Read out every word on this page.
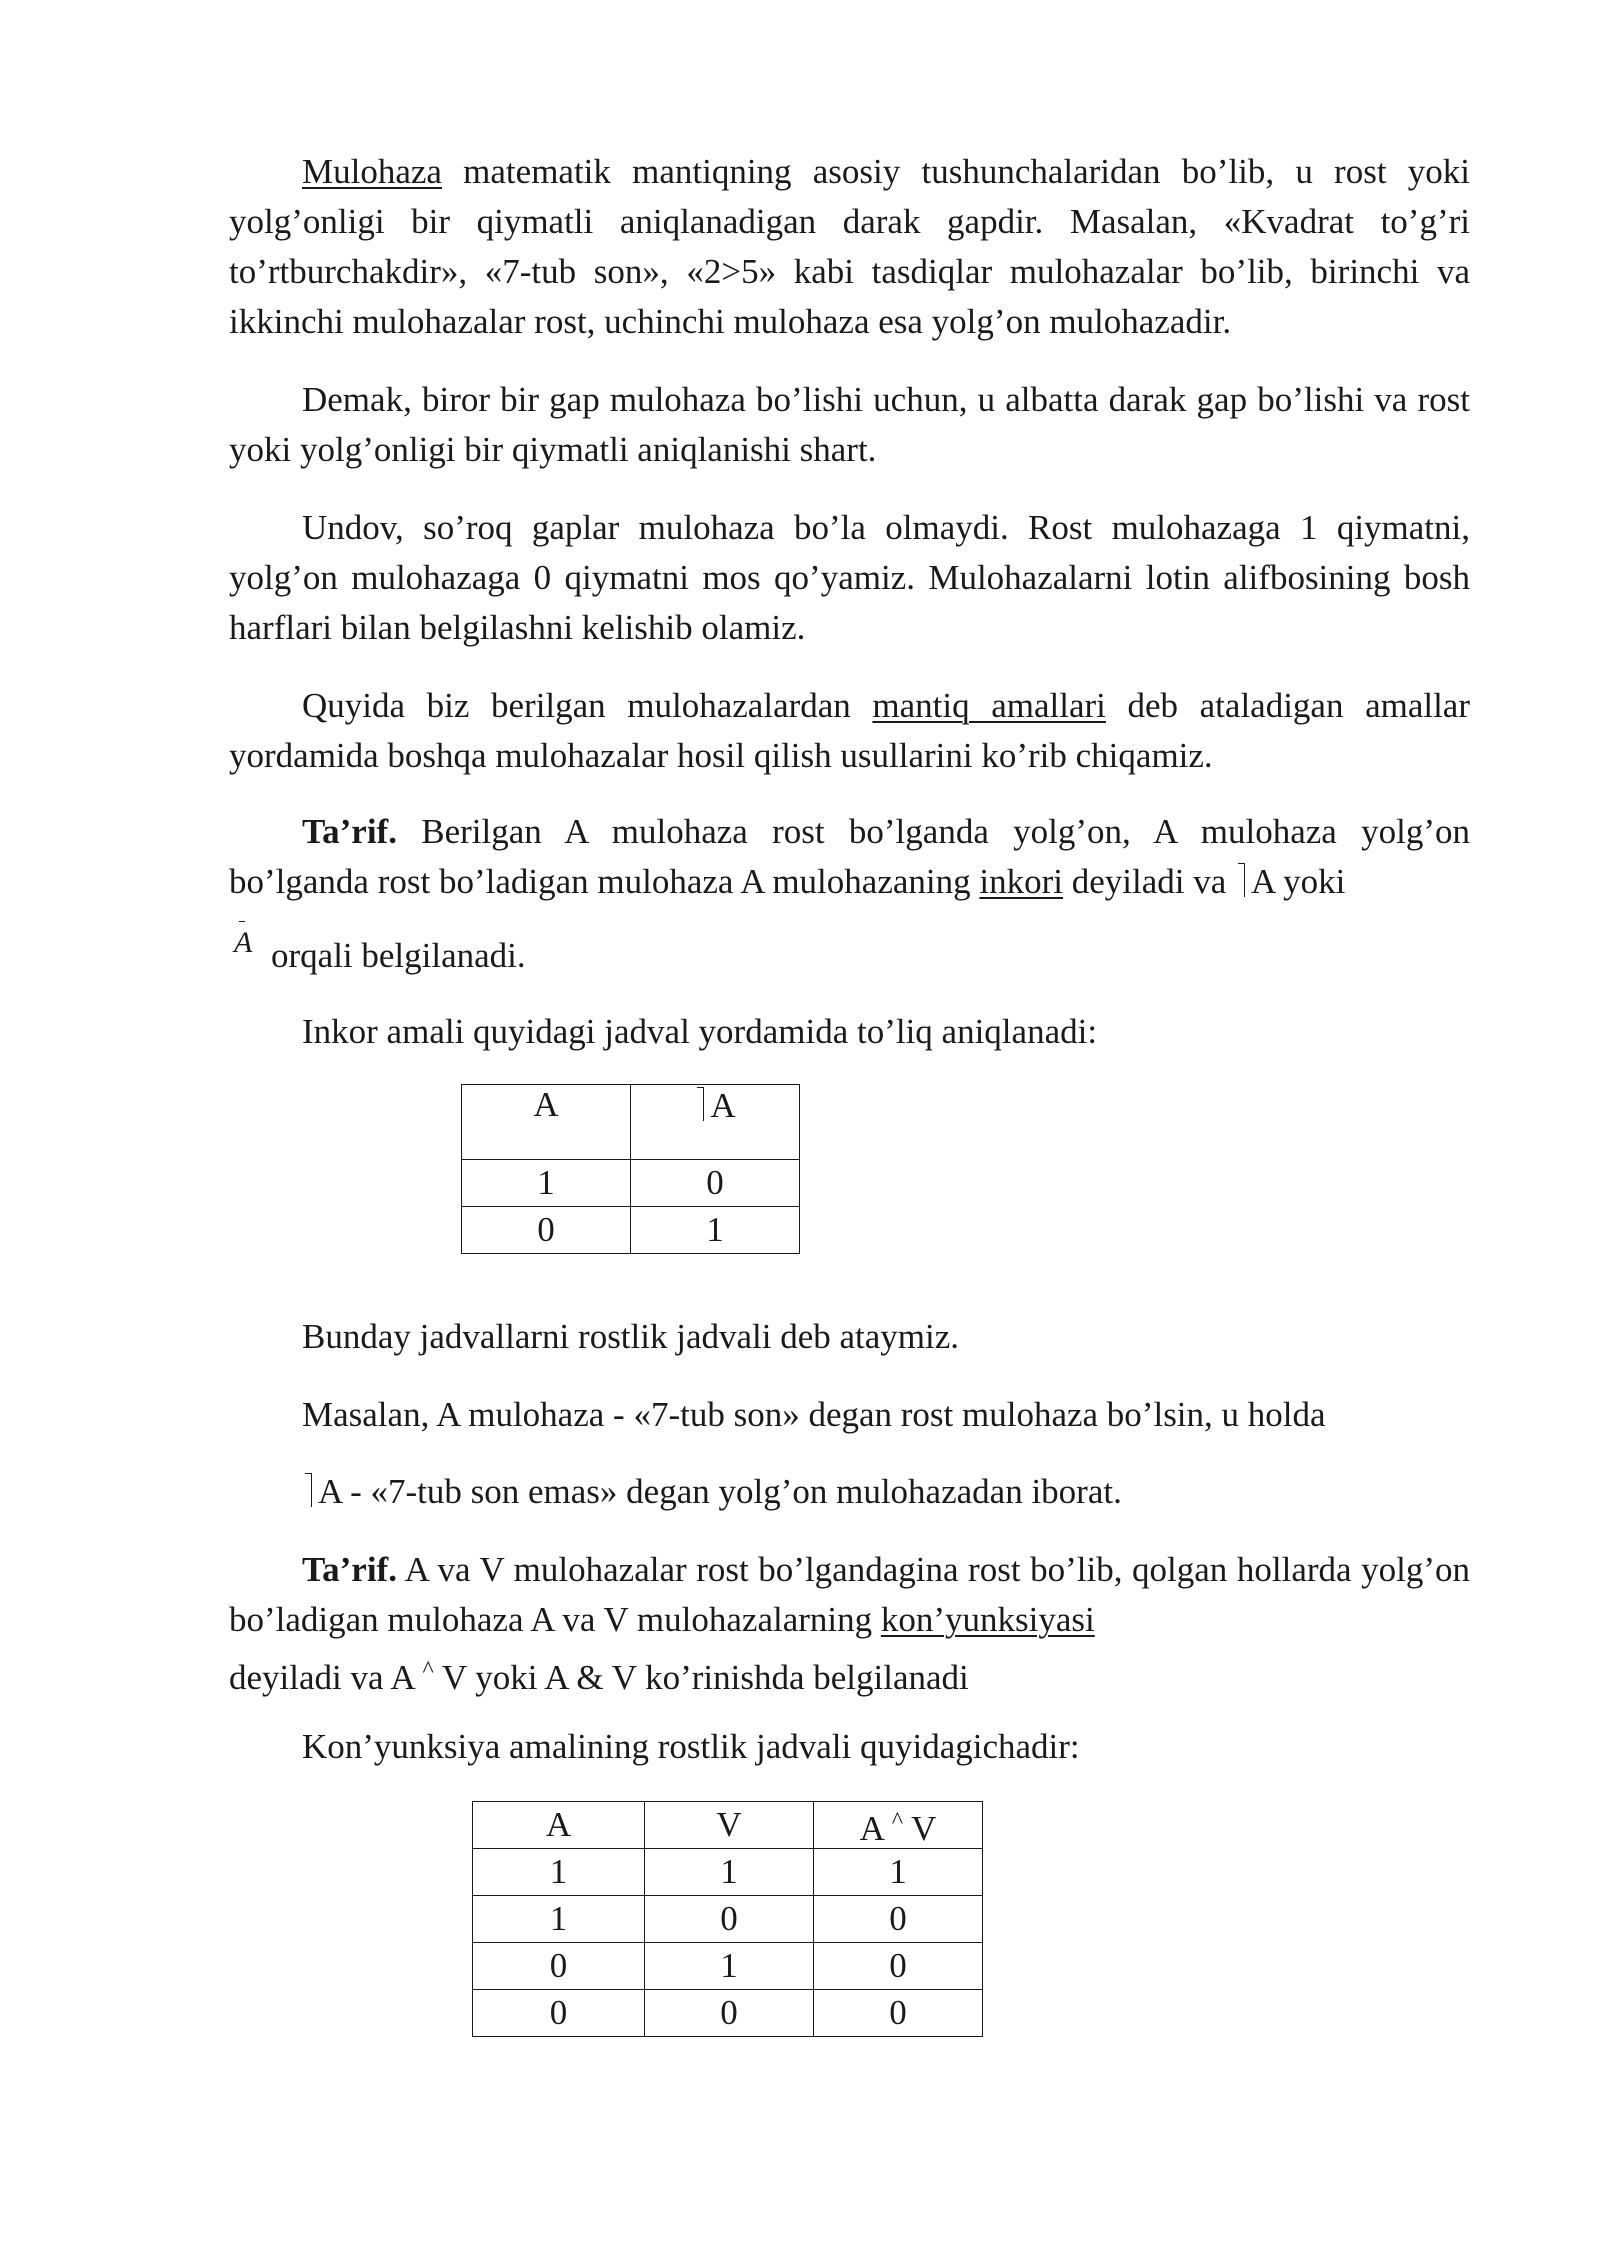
Mulohaza matematik mantiqning asosiy tushunchalaridan bo’lib, u rost yoki yolg’onligi bir qiymatli aniqlanadigan darak gapdir. Masalan, «Kvadrat to’g’ri to’rtburchakdir», «7-tub son», «2>5» kabi tasdiqlar mulohazalar bo’lib, birinchi va ikkinchi mulohazalar rost, uchinchi mulohaza esa yolg’on mulohazadir.

Demak, biror bir gap mulohaza bo’lishi uchun, u albatta darak gap bo’lishi va rost yoki yolg’onligi bir qiymatli aniqlanishi shart.

Undov, so’roq gaplar mulohaza bo’la olmaydi. Rost mulohazaga 1 qiymatni, yolg’on mulohazaga 0 qiymatni mos qo’yamiz. Mulohazalarni lotin alifbosining bosh harflari bilan belgilashni kelishib olamiz.

Quyida biz berilgan mulohazalardan mantiq amallari deb ataladigan amallar yordamida boshqa mulohazalar hosil qilish usullarini ko’rib chiqamiz.

Ta’rif. Berilgan A mulohaza rost bo’lganda yolg’on, A mulohaza yolg’on bo’lganda rost bo’ladigan mulohaza A mulohazaning inkori deyiladi va A yoki

A orqali belgilanadi.

Inkor amali quyidagi jadval yordamida to’liq aniqlanadi:

A	A
1	0
0	1

Bunday jadvallarni rostlik jadvali deb ataymiz.

Masalan, A mulohaza - «7-tub son» degan rost mulohaza bo’lsin, u holda

A - «7-tub son emas» degan yolg’on mulohazadan iborat.

Ta’rif. A va V mulohazalar rost bo’lgandagina rost bo’lib, qolgan hollarda yolg’on bo’ladigan mulohaza A va V mulohazalarning kon’yunksiyasi
deyiladi va A ^ V yoki A & V ko’rinishda belgilanadi

Kon’yunksiya amalining rostlik jadvali quyidagichadir:

A	V	A ^ V
1	1	1
1	0	0
0	1	0
0	0	0
